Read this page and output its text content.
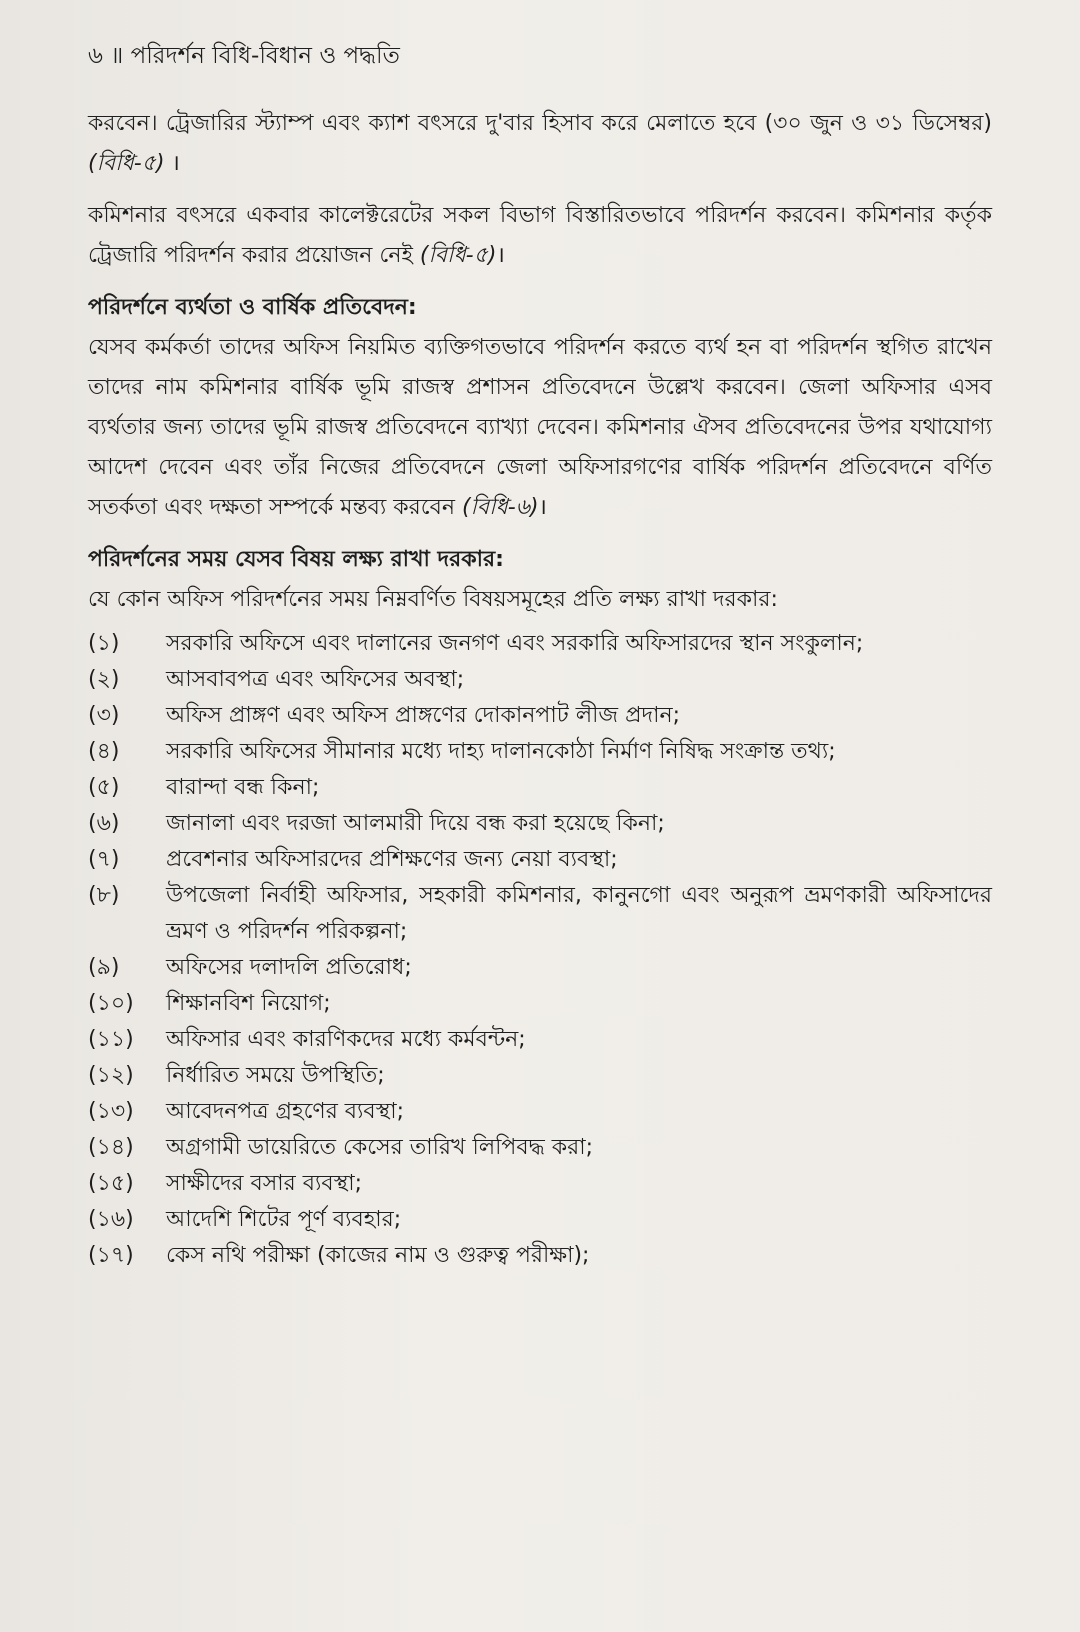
৬ ॥ পরিদর্শন বিধি-বিধান ও পদ্ধতি

করবেন। ট্রেজারির স্ট্যাম্প এবং ক্যাশ বৎসরে দু'বার হিসাব করে মেলাতে হবে (৩০ জুন ও ৩১ ডিসেম্বর) (বিধি-৫) ।

কমিশনার বৎসরে একবার কালেক্টরেটের সকল বিভাগ বিস্তারিতভাবে পরিদর্শন করবেন। কমিশনার কর্তৃক ট্রেজারি পরিদর্শন করার প্রয়োজন নেই (বিধি-৫)।

পরিদর্শনে ব্যর্থতা ও বার্ষিক প্রতিবেদন:

যেসব কর্মকর্তা তাদের অফিস নিয়মিত ব্যক্তিগতভাবে পরিদর্শন করতে ব্যর্থ হন বা পরিদর্শন স্থগিত রাখেন তাদের নাম কমিশনার বার্ষিক ভূমি রাজস্ব প্রশাসন প্রতিবেদনে উল্লেখ করবেন। জেলা অফিসার এসব ব্যর্থতার জন্য তাদের ভূমি রাজস্ব প্রতিবেদনে ব্যাখ্যা দেবেন। কমিশনার ঐসব প্রতিবেদনের উপর যথাযোগ্য আদেশ দেবেন এবং তাঁর নিজের প্রতিবেদনে জেলা অফিসারগণের বার্ষিক পরিদর্শন প্রতিবেদনে বর্ণিত সতর্কতা এবং দক্ষতা সম্পর্কে মন্তব্য করবেন (বিধি-৬)।

পরিদর্শনের সময় যেসব বিষয় লক্ষ্য রাখা দরকার:

যে কোন অফিস পরিদর্শনের সময় নিম্নবর্ণিত বিষয়সমূহের প্রতি লক্ষ্য রাখা দরকার:

(১)	সরকারি অফিসে এবং দালানের জনগণ এবং সরকারি অফিসারদের স্থান সংকুলান;
(২)	আসবাবপত্র এবং অফিসের অবস্থা;
(৩)	অফিস প্রাঙ্গণ এবং অফিস প্রাঙ্গণের দোকানপাট লীজ প্রদান;
(৪)	সরকারি অফিসের সীমানার মধ্যে দাহ্য দালানকোঠা নির্মাণ নিষিদ্ধ সংক্রান্ত তথ্য;
(৫)	বারান্দা বন্ধ কিনা;
(৬)	জানালা এবং দরজা আলমারী দিয়ে বন্ধ করা হয়েছে কিনা;
(৭)	প্রবেশনার অফিসারদের প্রশিক্ষণের জন্য নেয়া ব্যবস্থা;
(৮)	উপজেলা নির্বাহী অফিসার, সহকারী কমিশনার, কানুনগো এবং অনুরূপ ভ্রমণকারী অফিসাদের ভ্রমণ ও পরিদর্শন পরিকল্পনা;
(৯)	অফিসের দলাদলি প্রতিরোধ;
(১০)	শিক্ষানবিশ নিয়োগ;
(১১)	অফিসার এবং কারণিকদের মধ্যে কর্মবন্টন;
(১২)	নির্ধারিত সময়ে উপস্থিতি;
(১৩)	আবেদনপত্র গ্রহণের ব্যবস্থা;
(১৪)	অগ্রগামী ডায়েরিতে কেসের তারিখ লিপিবদ্ধ করা;
(১৫)	সাক্ষীদের বসার ব্যবস্থা;
(১৬)	আদেশি শিটের পূর্ণ ব্যবহার;
(১৭)	কেস নথি পরীক্ষা (কাজের নাম ও গুরুত্ব পরীক্ষা);
